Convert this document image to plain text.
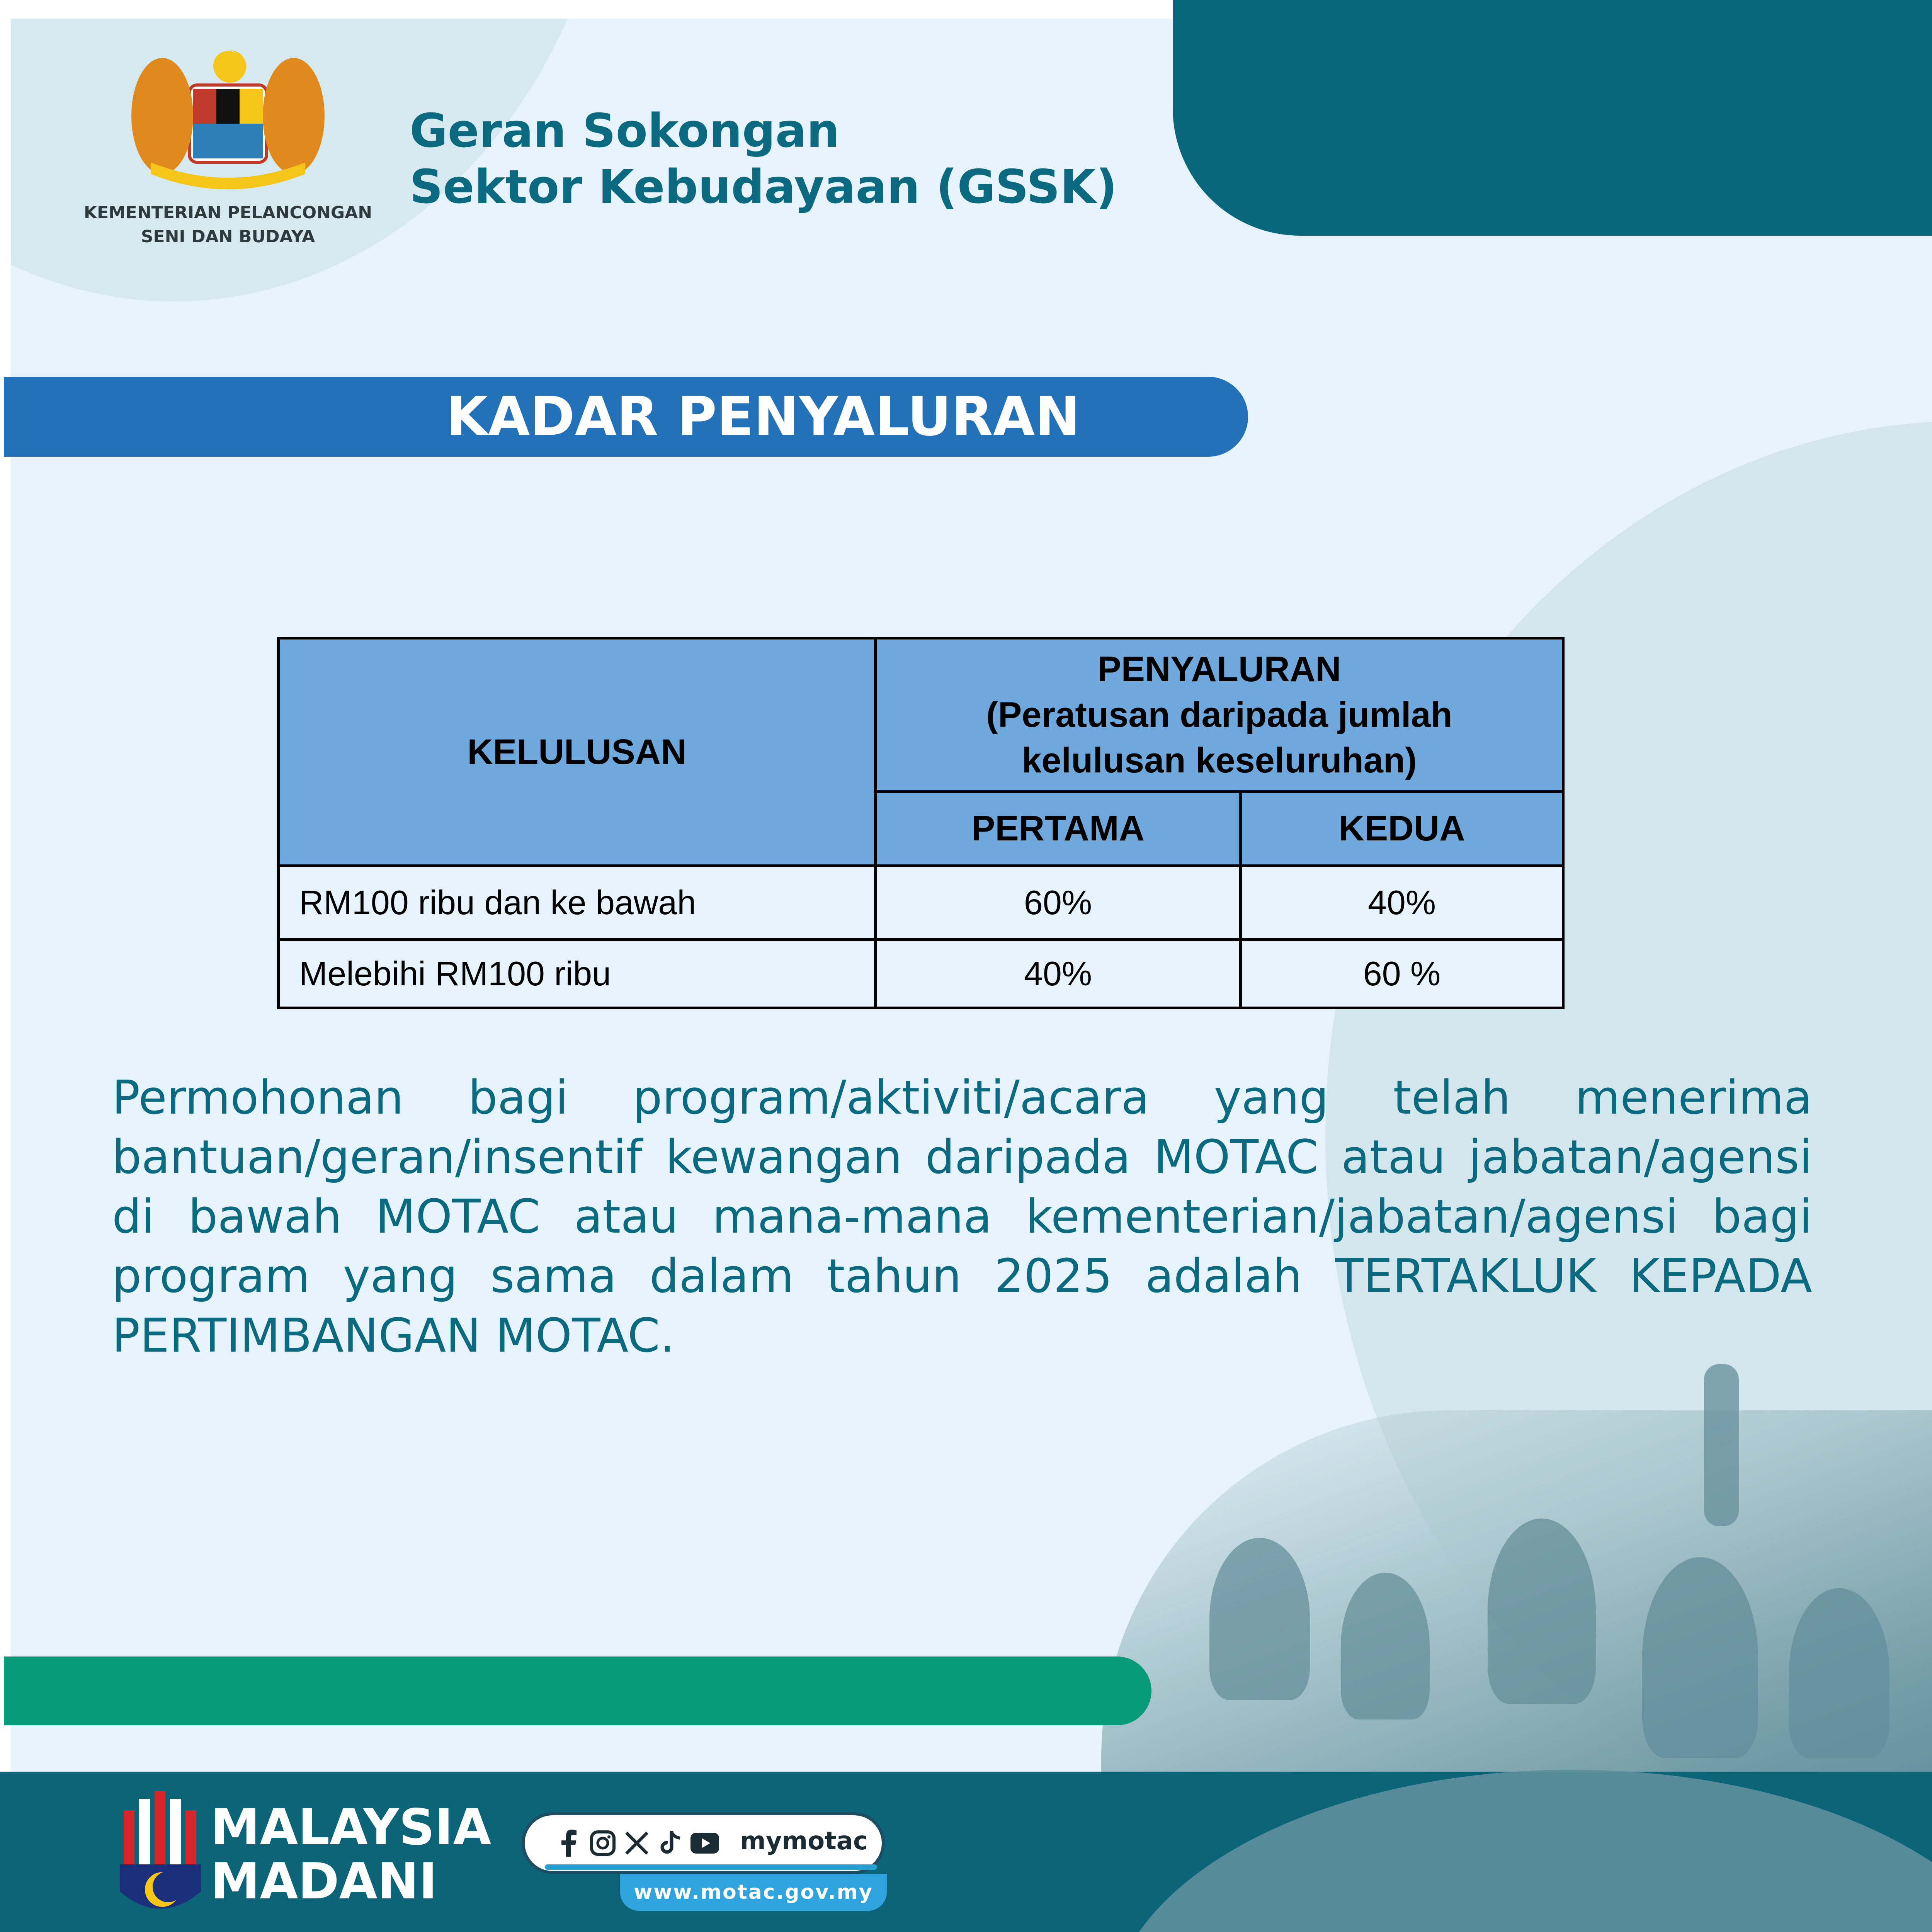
KEMENTERIAN PELANCONGAN
SENI DAN BUDAYA
Geran Sokongan
Sektor Kebudayaan (GSSK)
KADAR PENYALURAN
KELULUSAN	PENYALURAN
(Peratusan daripada jumlah
kelulusan keseluruhan)	

	PERTAMA	KEDUA
RM100 ribu dan ke bawah	60%	40%
Melebihi RM100 ribu	40%	60 %
Permohonan bagi program/aktiviti/acara yang telah menerima bantuan/geran/insentif kewangan daripada MOTAC atau jabatan/agensi di bawah MOTAC atau mana-mana kementerian/jabatan/agensi bagi program yang sama dalam tahun 2025 adalah TERTAKLUK KEPADA PERTIMBANGAN MOTAC.
MALAYSIA
MADANI	www.motac.gov.my
mymotac
